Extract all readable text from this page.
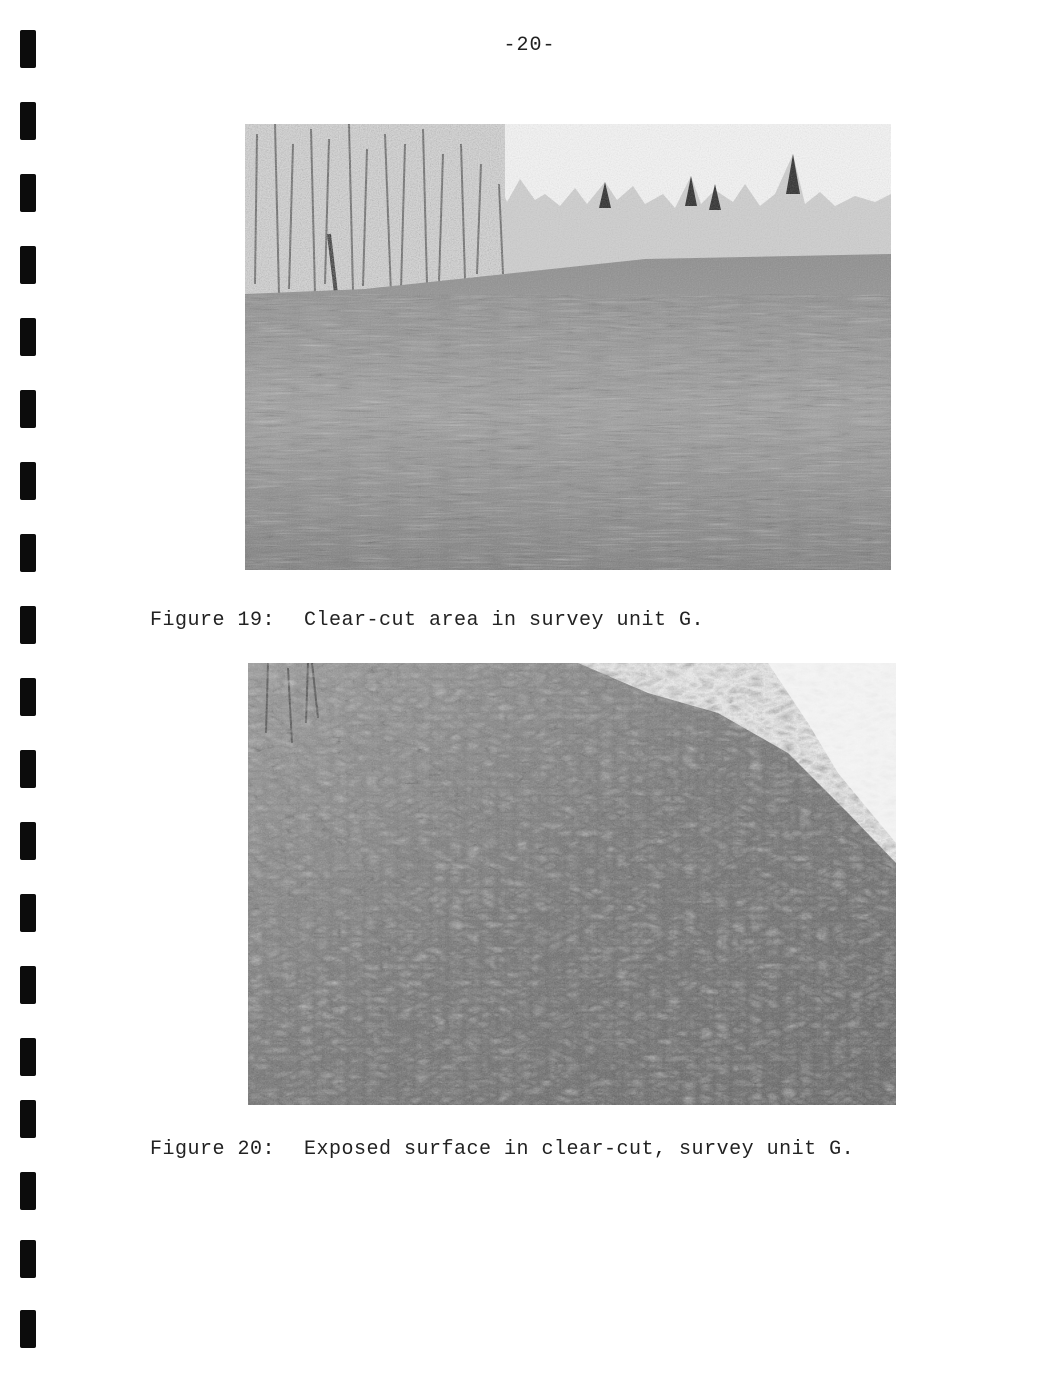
-20-
Figure 19: Clear-cut area in survey unit G.
Figure 20: Exposed surface in clear-cut, survey unit G.
